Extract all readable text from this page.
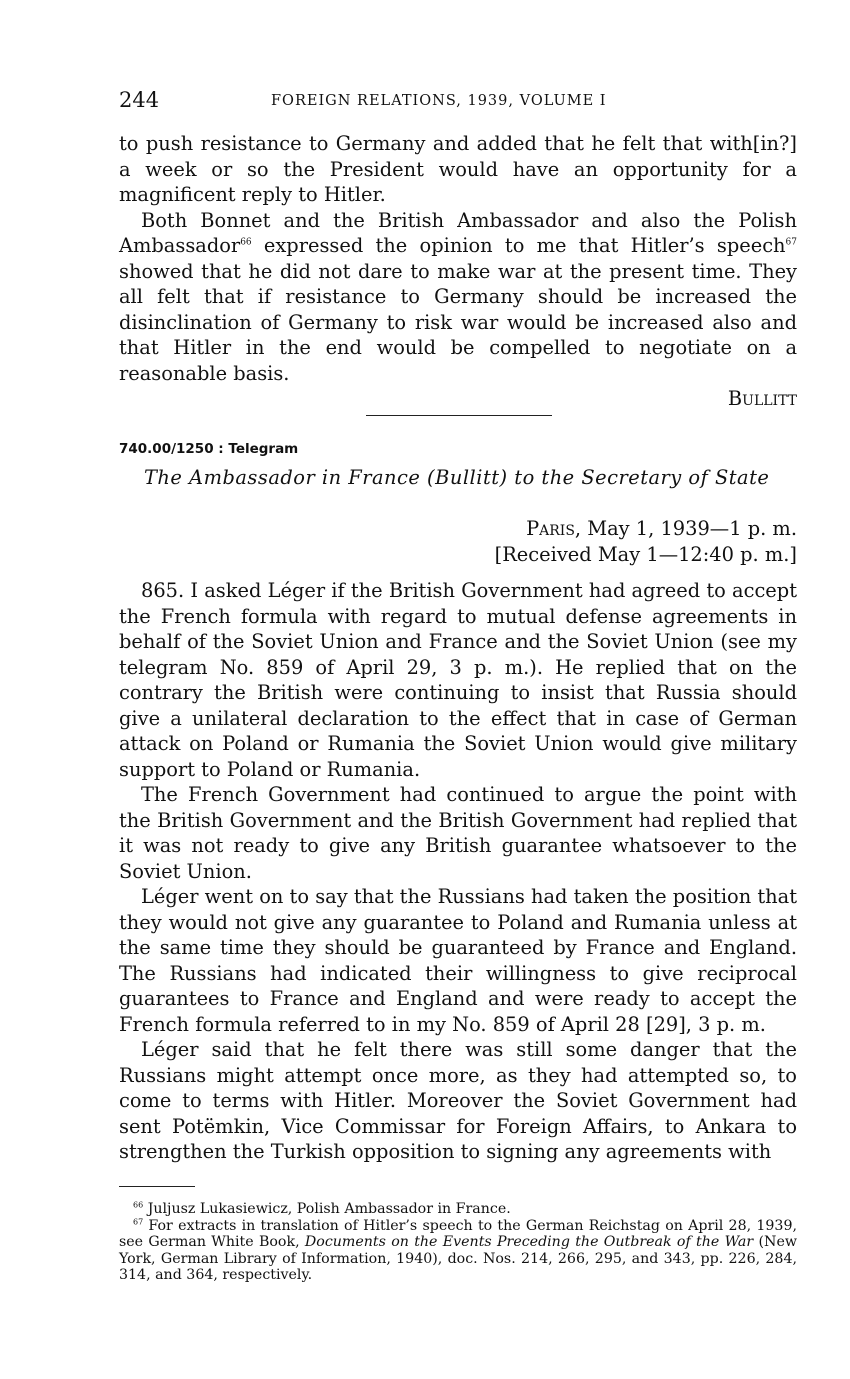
244	FOREIGN RELATIONS, 1939, VOLUME I

to push resistance to Germany and added that he felt that with[in?] a week or so the President would have an opportunity for a magnificent reply to Hitler.

Both Bonnet and the British Ambassador and also the Polish Ambassador$^{66}$ expressed the opinion to me that Hitler’s speech$^{67}$ showed that he did not dare to make war at the present time. They all felt that if resistance to Germany should be increased the disinclination of Germany to risk war would be increased also and that Hitler in the end would be compelled to negotiate on a reasonable basis.

Bullitt

740.00/1250 : Telegram
The Ambassador in France (Bullitt) to the Secretary of State
Paris, May 1, 1939—1 p. m.
[Received May 1—12:40 p. m.]

865. I asked Léger if the British Government had agreed to accept the French formula with regard to mutual defense agreements in behalf of the Soviet Union and France and the Soviet Union (see my telegram No. 859 of April 29, 3 p. m.). He replied that on the contrary the British were continuing to insist that Russia should give a unilateral declaration to the effect that in case of German attack on Poland or Rumania the Soviet Union would give military support to Poland or Rumania.

The French Government had continued to argue the point with the British Government and the British Government had replied that it was not ready to give any British guarantee whatsoever to the Soviet Union.

Léger went on to say that the Russians had taken the position that they would not give any guarantee to Poland and Rumania unless at the same time they should be guaranteed by France and England. The Russians had indicated their willingness to give reciprocal guarantees to France and England and were ready to accept the French formula referred to in my No. 859 of April 28 [29], 3 p. m.

Léger said that he felt there was still some danger that the Russians might attempt once more, as they had attempted so, to come to terms with Hitler. Moreover the Soviet Government had sent Potëmkin, Vice Commissar for Foreign Affairs, to Ankara to strengthen the Turkish opposition to signing any agreements with

$^{66}$ Juljusz Lukasiewicz, Polish Ambassador in France.

$^{67}$ For extracts in translation of Hitler’s speech to the German Reichstag on April 28, 1939, see German White Book, Documents on the Events Preceding the Outbreak of the War (New York, German Library of Information, 1940), doc. Nos. 214, 266, 295, and 343, pp. 226, 284, 314, and 364, respectively.
